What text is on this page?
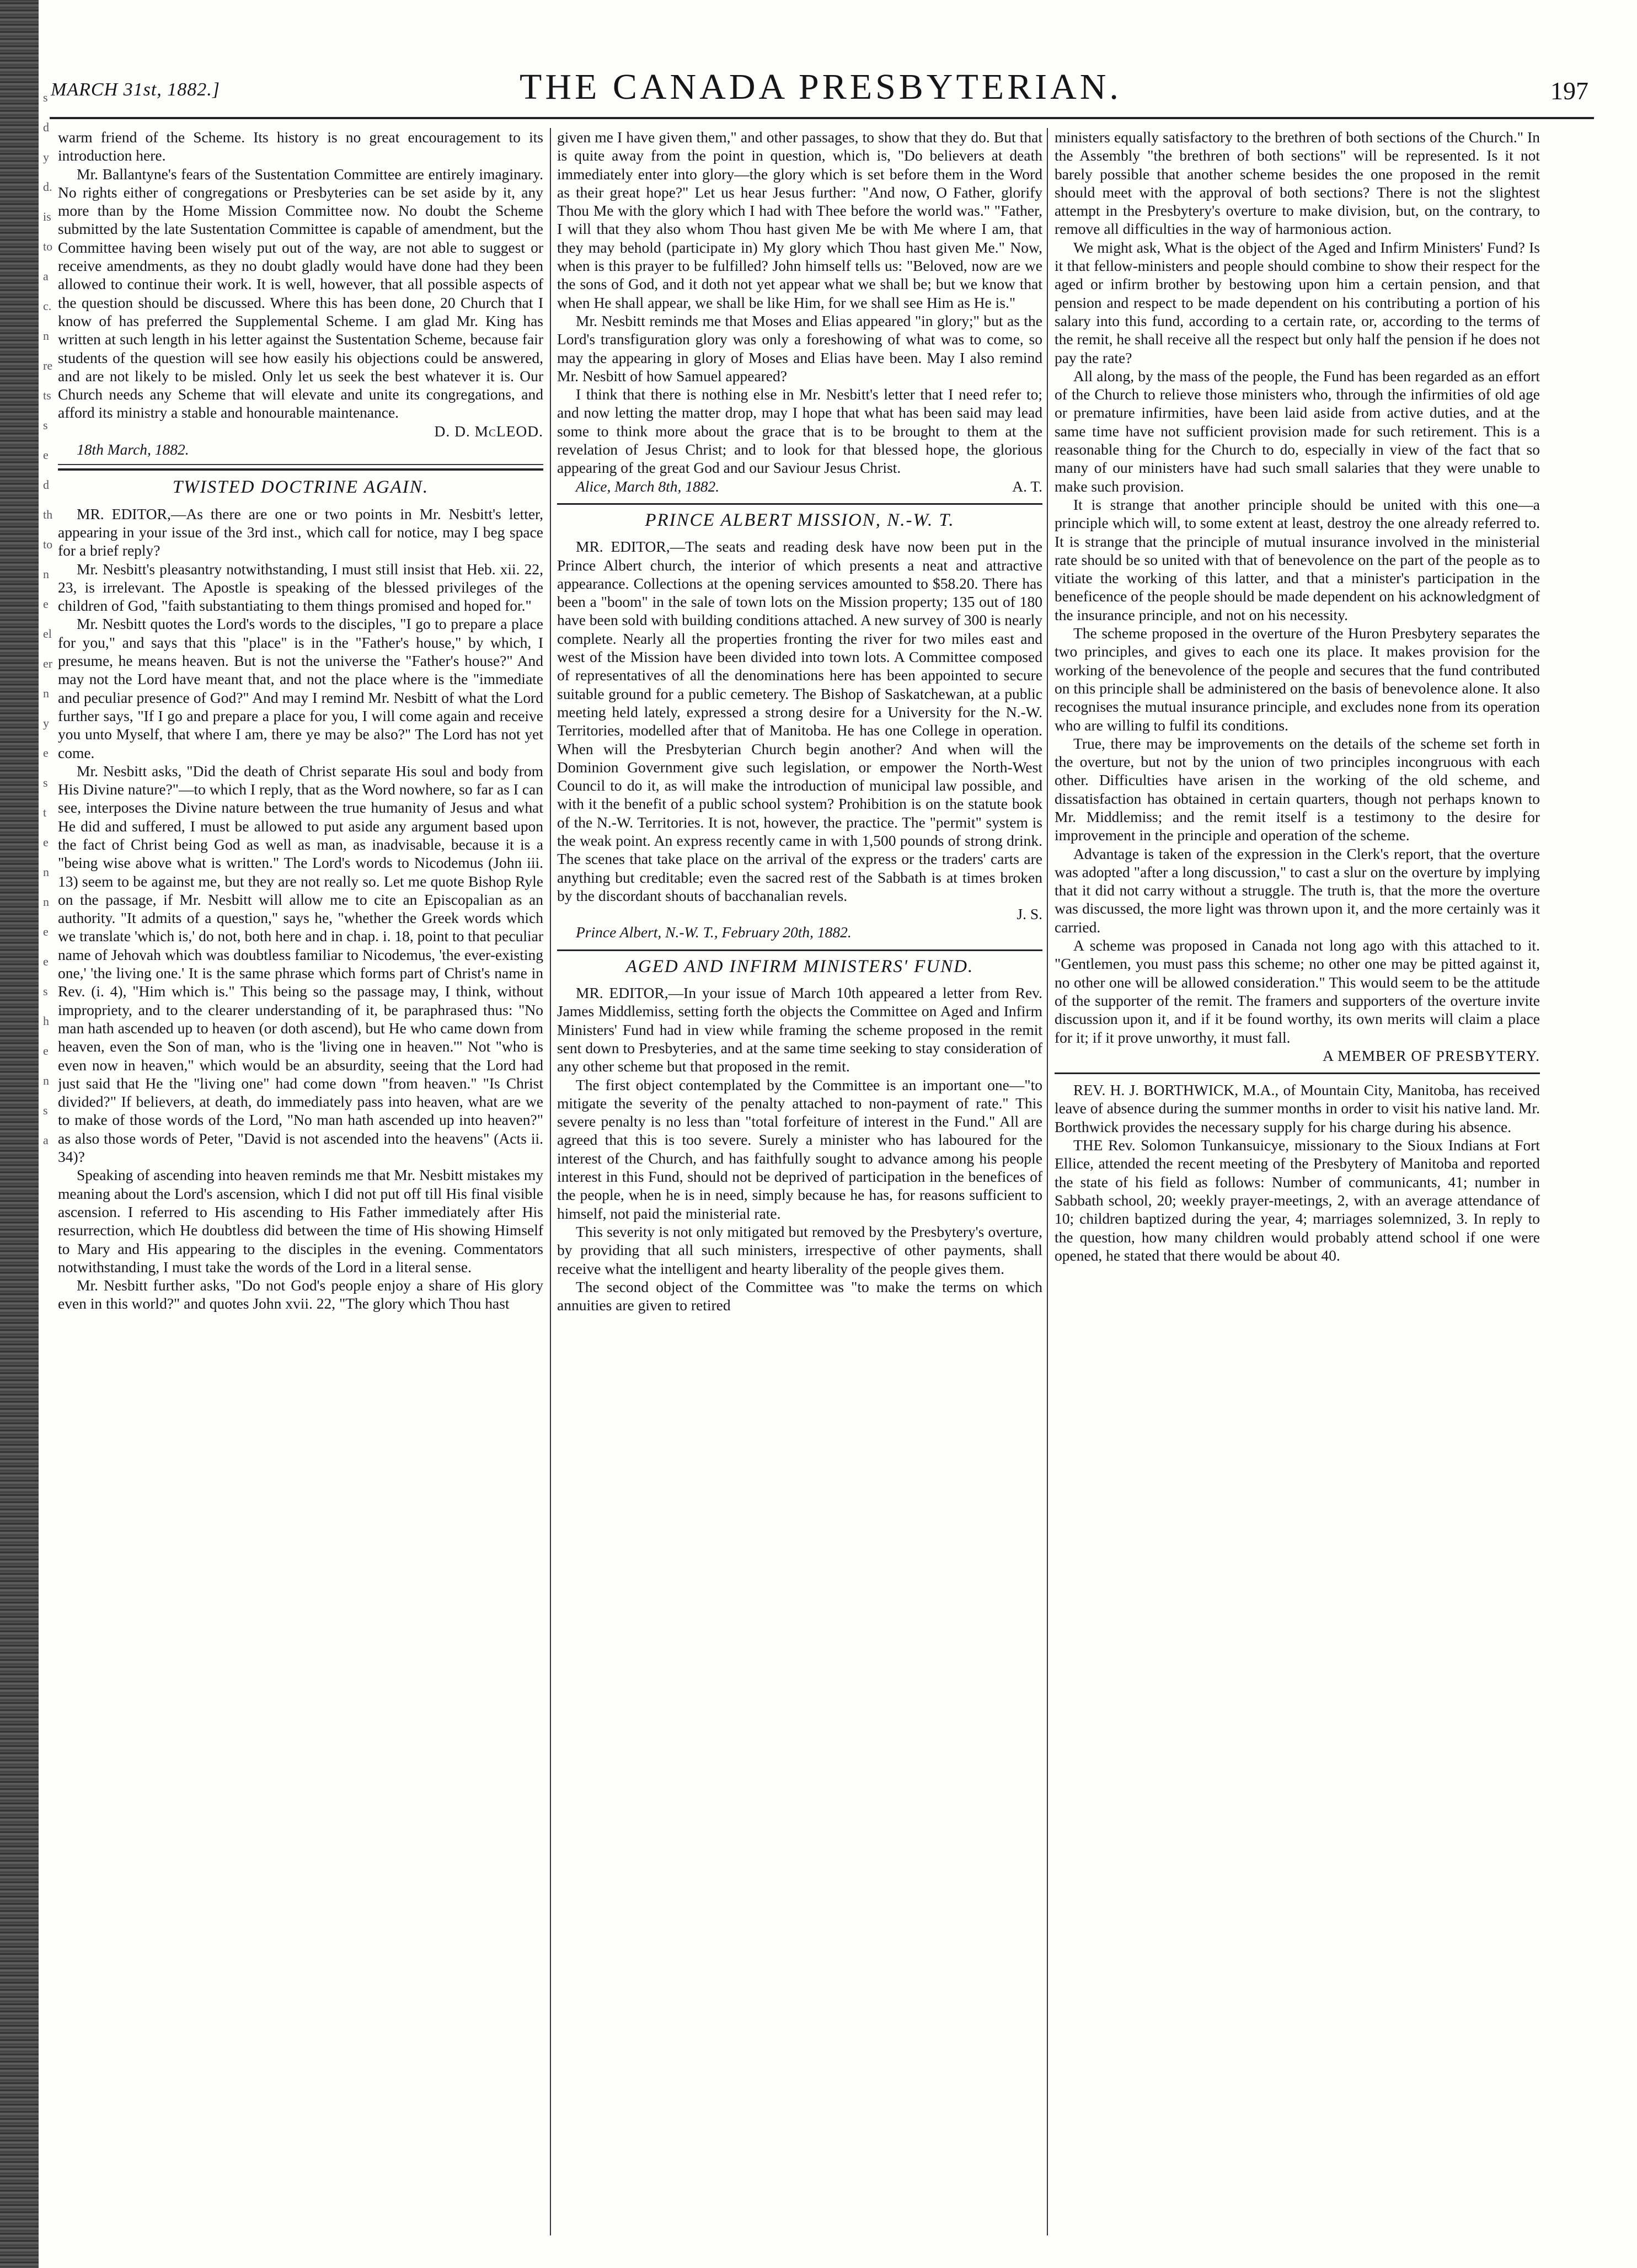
s
d
y
d.
is
to
a
c.
n
re
ts
s
e
d
th
to
n
e
el
er
n
y
e
s
t
e
n
n
e
e
s
h
e
n
s
a
MARCH 31st, 1882.]	THE CANADA PRESBYTERIAN.	197

warm friend of the Scheme. Its history is no great encouragement to its introduction here.

Mr. Ballantyne's fears of the Sustentation Committee are entirely imaginary. No rights either of congregations or Presbyteries can be set aside by it, any more than by the Home Mission Committee now. No doubt the Scheme submitted by the late Sustentation Committee is capable of amendment, but the Committee having been wisely put out of the way, are not able to suggest or receive amendments, as they no doubt gladly would have done had they been allowed to continue their work. It is well, however, that all possible aspects of the question should be discussed. Where this has been done, 20 Church that I know of has preferred the Supplemental Scheme. I am glad Mr. King has written at such length in his letter against the Sustentation Scheme, because fair students of the question will see how easily his objections could be answered, and are not likely to be misled. Only let us seek the best whatever it is. Our Church needs any Scheme that will elevate and unite its congregations, and afford its ministry a stable and honourable maintenance.

D. D. McLEOD.

18th March, 1882.

TWISTED DOCTRINE AGAIN.

MR. EDITOR,—As there are one or two points in Mr. Nesbitt's letter, appearing in your issue of the 3rd inst., which call for notice, may I beg space for a brief reply?

Mr. Nesbitt's pleasantry notwithstanding, I must still insist that Heb. xii. 22, 23, is irrelevant. The Apostle is speaking of the blessed privileges of the children of God, "faith substantiating to them things promised and hoped for."

Mr. Nesbitt quotes the Lord's words to the disciples, "I go to prepare a place for you," and says that this "place" is in the "Father's house," by which, I presume, he means heaven. But is not the universe the "Father's house?" And may not the Lord have meant that, and not the place where is the "immediate and peculiar presence of God?" And may I remind Mr. Nesbitt of what the Lord further says, "If I go and prepare a place for you, I will come again and receive you unto Myself, that where I am, there ye may be also?" The Lord has not yet come.

Mr. Nesbitt asks, "Did the death of Christ separate His soul and body from His Divine nature?"—to which I reply, that as the Word nowhere, so far as I can see, interposes the Divine nature between the true humanity of Jesus and what He did and suffered, I must be allowed to put aside any argument based upon the fact of Christ being God as well as man, as inadvisable, because it is a "being wise above what is written." The Lord's words to Nicodemus (John iii. 13) seem to be against me, but they are not really so. Let me quote Bishop Ryle on the passage, if Mr. Nesbitt will allow me to cite an Episcopalian as an authority. "It admits of a question," says he, "whether the Greek words which we translate 'which is,' do not, both here and in chap. i. 18, point to that peculiar name of Jehovah which was doubtless familiar to Nicodemus, 'the ever-existing one,' 'the living one.' It is the same phrase which forms part of Christ's name in Rev. (i. 4), "Him which is." This being so the passage may, I think, without impropriety, and to the clearer understanding of it, be paraphrased thus: "No man hath ascended up to heaven (or doth ascend), but He who came down from heaven, even the Son of man, who is the 'living one in heaven.'" Not "who is even now in heaven," which would be an absurdity, seeing that the Lord had just said that He the "living one" had come down "from heaven." "Is Christ divided?" If believers, at death, do immediately pass into heaven, what are we to make of those words of the Lord, "No man hath ascended up into heaven?" as also those words of Peter, "David is not ascended into the heavens" (Acts ii. 34)?

Speaking of ascending into heaven reminds me that Mr. Nesbitt mistakes my meaning about the Lord's ascension, which I did not put off till His final visible ascension. I referred to His ascending to His Father immediately after His resurrection, which He doubtless did between the time of His showing Himself to Mary and His appearing to the disciples in the evening. Commentators notwithstanding, I must take the words of the Lord in a literal sense.

Mr. Nesbitt further asks, "Do not God's people enjoy a share of His glory even in this world?" and quotes John xvii. 22, "The glory which Thou hast

given me I have given them," and other passages, to show that they do. But that is quite away from the point in question, which is, "Do believers at death immediately enter into glory—the glory which is set before them in the Word as their great hope?" Let us hear Jesus further: "And now, O Father, glorify Thou Me with the glory which I had with Thee before the world was." "Father, I will that they also whom Thou hast given Me be with Me where I am, that they may behold (participate in) My glory which Thou hast given Me." Now, when is this prayer to be fulfilled? John himself tells us: "Beloved, now are we the sons of God, and it doth not yet appear what we shall be; but we know that when He shall appear, we shall be like Him, for we shall see Him as He is."

Mr. Nesbitt reminds me that Moses and Elias appeared "in glory;" but as the Lord's transfiguration glory was only a foreshowing of what was to come, so may the appearing in glory of Moses and Elias have been. May I also remind Mr. Nesbitt of how Samuel appeared?

I think that there is nothing else in Mr. Nesbitt's letter that I need refer to; and now letting the matter drop, may I hope that what has been said may lead some to think more about the grace that is to be brought to them at the revelation of Jesus Christ; and to look for that blessed hope, the glorious appearing of the great God and our Saviour Jesus Christ.

Alice, March 8th, 1882.	A. T.

PRINCE ALBERT MISSION, N.-W. T.

MR. EDITOR,—The seats and reading desk have now been put in the Prince Albert church, the interior of which presents a neat and attractive appearance. Collections at the opening services amounted to $58.20. There has been a "boom" in the sale of town lots on the Mission property; 135 out of 180 have been sold with building conditions attached. A new survey of 300 is nearly complete. Nearly all the properties fronting the river for two miles east and west of the Mission have been divided into town lots. A Committee composed of representatives of all the denominations here has been appointed to secure suitable ground for a public cemetery. The Bishop of Saskatchewan, at a public meeting held lately, expressed a strong desire for a University for the N.-W. Territories, modelled after that of Manitoba. He has one College in operation. When will the Presbyterian Church begin another? And when will the Dominion Government give such legislation, or empower the North-West Council to do it, as will make the introduction of municipal law possible, and with it the benefit of a public school system? Prohibition is on the statute book of the N.-W. Territories. It is not, however, the practice. The "permit" system is the weak point. An express recently came in with 1,500 pounds of strong drink. The scenes that take place on the arrival of the express or the traders' carts are anything but creditable; even the sacred rest of the Sabbath is at times broken by the discordant shouts of bacchanalian revels.

J. S.

Prince Albert, N.-W. T., February 20th, 1882.

AGED AND INFIRM MINISTERS' FUND.

MR. EDITOR,—In your issue of March 10th appeared a letter from Rev. James Middlemiss, setting forth the objects the Committee on Aged and Infirm Ministers' Fund had in view while framing the scheme proposed in the remit sent down to Presbyteries, and at the same time seeking to stay consideration of any other scheme but that proposed in the remit.

The first object contemplated by the Committee is an important one—"to mitigate the severity of the penalty attached to non-payment of rate." This severe penalty is no less than "total forfeiture of interest in the Fund." All are agreed that this is too severe. Surely a minister who has laboured for the interest of the Church, and has faithfully sought to advance among his people interest in this Fund, should not be deprived of participation in the benefices of the people, when he is in need, simply because he has, for reasons sufficient to himself, not paid the ministerial rate.

This severity is not only mitigated but removed by the Presbytery's overture, by providing that all such ministers, irrespective of other payments, shall receive what the intelligent and hearty liberality of the people gives them.

The second object of the Committee was "to make the terms on which annuities are given to retired

ministers equally satisfactory to the brethren of both sections of the Church." In the Assembly "the brethren of both sections" will be represented. Is it not barely possible that another scheme besides the one proposed in the remit should meet with the approval of both sections? There is not the slightest attempt in the Presbytery's overture to make division, but, on the contrary, to remove all difficulties in the way of harmonious action.

We might ask, What is the object of the Aged and Infirm Ministers' Fund? Is it that fellow-ministers and people should combine to show their respect for the aged or infirm brother by bestowing upon him a certain pension, and that pension and respect to be made dependent on his contributing a portion of his salary into this fund, according to a certain rate, or, according to the terms of the remit, he shall receive all the respect but only half the pension if he does not pay the rate?

All along, by the mass of the people, the Fund has been regarded as an effort of the Church to relieve those ministers who, through the infirmities of old age or premature infirmities, have been laid aside from active duties, and at the same time have not sufficient provision made for such retirement. This is a reasonable thing for the Church to do, especially in view of the fact that so many of our ministers have had such small salaries that they were unable to make such provision.

It is strange that another principle should be united with this one—a principle which will, to some extent at least, destroy the one already referred to. It is strange that the principle of mutual insurance involved in the ministerial rate should be so united with that of benevolence on the part of the people as to vitiate the working of this latter, and that a minister's participation in the beneficence of the people should be made dependent on his acknowledgment of the insurance principle, and not on his necessity.

The scheme proposed in the overture of the Huron Presbytery separates the two principles, and gives to each one its place. It makes provision for the working of the benevolence of the people and secures that the fund contributed on this principle shall be administered on the basis of benevolence alone. It also recognises the mutual insurance principle, and excludes none from its operation who are willing to fulfil its conditions.

True, there may be improvements on the details of the scheme set forth in the overture, but not by the union of two principles incongruous with each other. Difficulties have arisen in the working of the old scheme, and dissatisfaction has obtained in certain quarters, though not perhaps known to Mr. Middlemiss; and the remit itself is a testimony to the desire for improvement in the principle and operation of the scheme.

Advantage is taken of the expression in the Clerk's report, that the overture was adopted "after a long discussion," to cast a slur on the overture by implying that it did not carry without a struggle. The truth is, that the more the overture was discussed, the more light was thrown upon it, and the more certainly was it carried.

A scheme was proposed in Canada not long ago with this attached to it. "Gentlemen, you must pass this scheme; no other one may be pitted against it, no other one will be allowed consideration." This would seem to be the attitude of the supporter of the remit. The framers and supporters of the overture invite discussion upon it, and if it be found worthy, its own merits will claim a place for it; if it prove unworthy, it must fall.

A MEMBER OF PRESBYTERY.

REV. H. J. BORTHWICK, M.A., of Mountain City, Manitoba, has received leave of absence during the summer months in order to visit his native land. Mr. Borthwick provides the necessary supply for his charge during his absence.

THE Rev. Solomon Tunkansuicye, missionary to the Sioux Indians at Fort Ellice, attended the recent meeting of the Presbytery of Manitoba and reported the state of his field as follows: Number of communicants, 41; number in Sabbath school, 20; weekly prayer-meetings, 2, with an average attendance of 10; children baptized during the year, 4; marriages solemnized, 3. In reply to the question, how many children would probably attend school if one were opened, he stated that there would be about 40.
